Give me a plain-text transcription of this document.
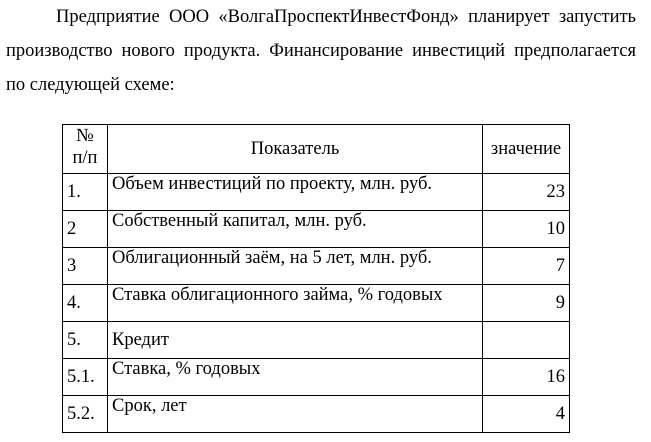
Предприятие ООО «ВолгаПроспектИнвестФонд» планирует запустить производство нового продукта. Финансирование инвестиций предполагается по следующей схеме:

№ п/п	Показатель	значение
1.	Объем инвестиций по проекту, млн. руб.	23
2	Собственный капитал, млн. руб.	10
3	Облигационный заём, на 5 лет, млн. руб.	7
4.	Ставка облигационного займа, % годовых	9
5.	Кредит	
5.1.	Ставка, % годовых	16
5.2.	Срок, лет	4
